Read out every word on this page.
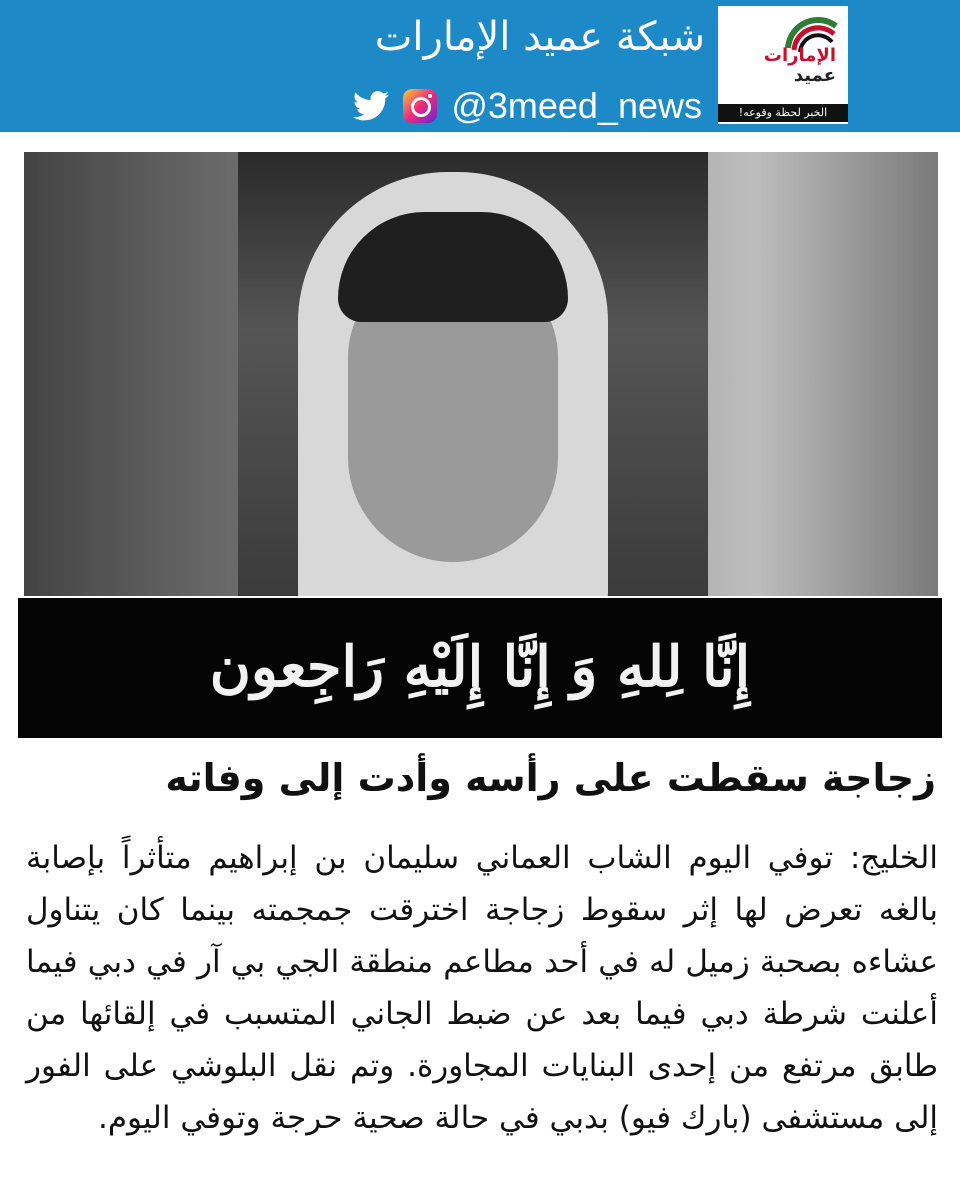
شبكة عميد الإمارات
@3meed_news
الإمارات
عميد
الخبر لحظة وقوعه!
إِنَّا لِلهِ وَ إِنَّا إِلَيْهِ رَاجِعون
زجاجة سقطت على رأسه وأدت إلى وفاته

الخليج: توفي اليوم الشاب العماني سليمان بن إبراهيم متأثراً بإصابة بالغه تعرض لها إثر سقوط زجاجة اخترقت جمجمته بينما كان يتناول عشاءه بصحبة زميل له في أحد مطاعم منطقة الجي بي آر في دبي فيما أعلنت شرطة دبي فيما بعد عن ضبط الجاني المتسبب في إلقائها من طابق مرتفع من إحدى البنايات المجاورة. وتم نقل البلوشي على الفور إلى مستشفى (بارك فيو) بدبي في حالة صحية حرجة وتوفي اليوم.
